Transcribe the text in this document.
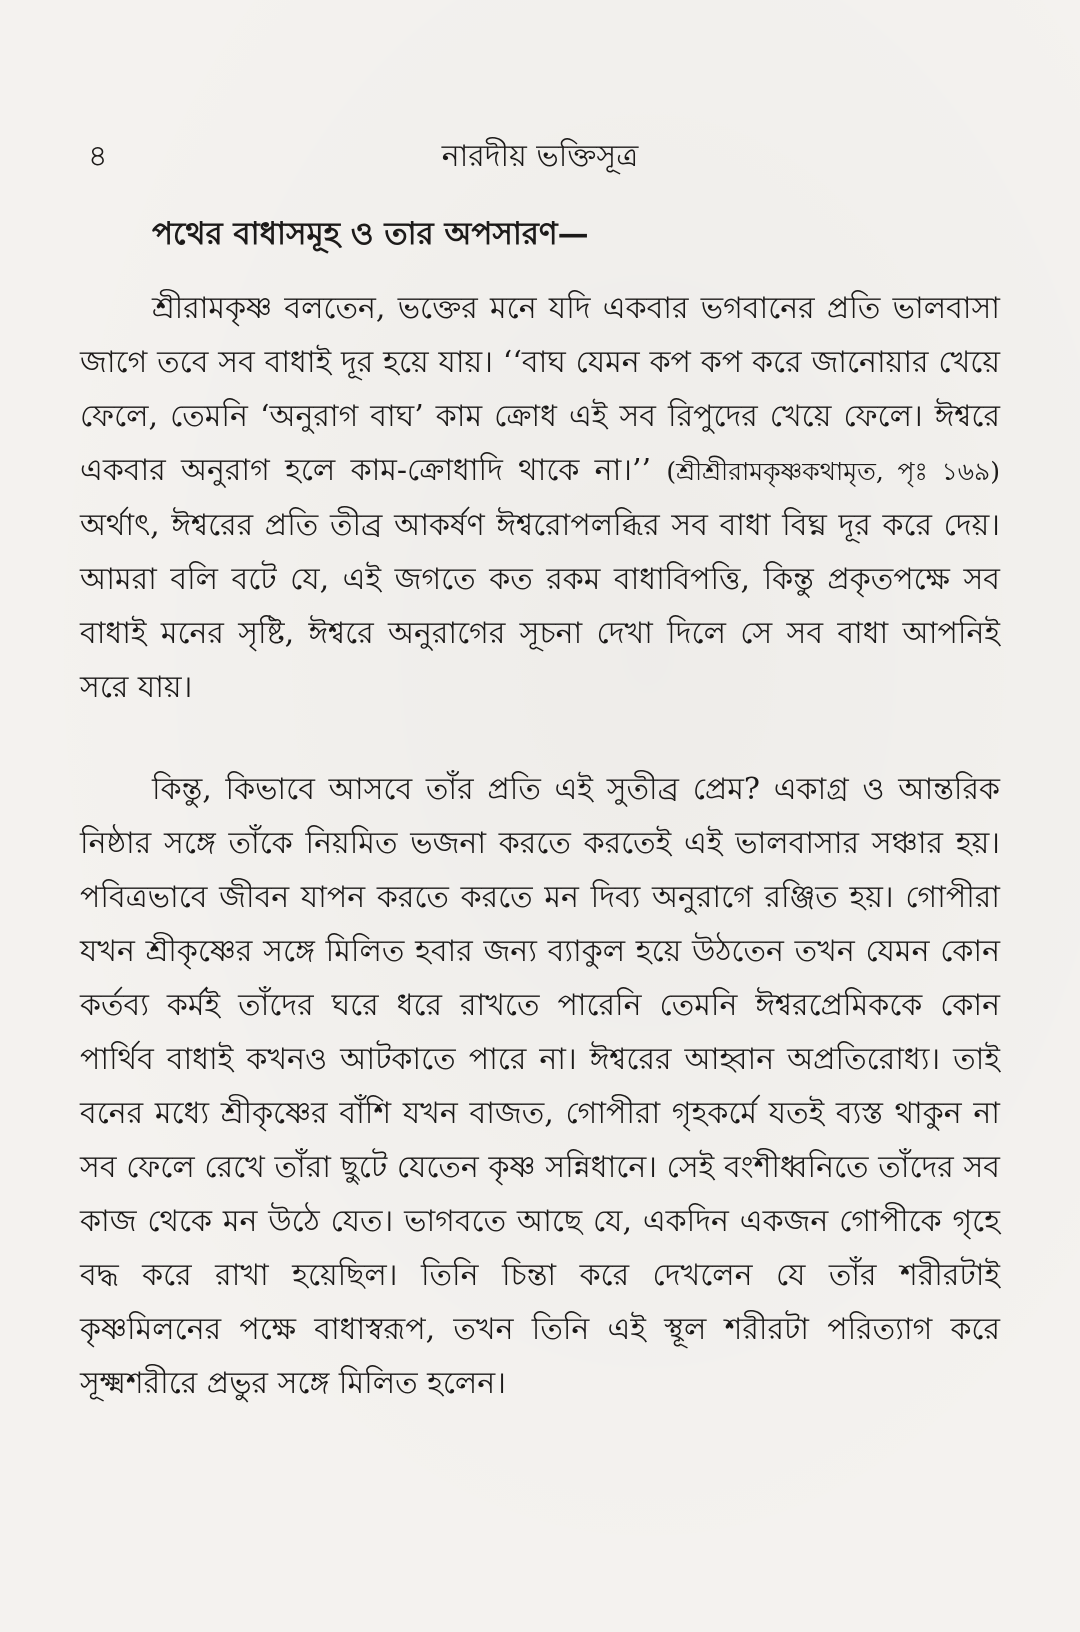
৪	নারদীয় ভক্তিসূত্র
পথের বাধাসমূহ ও তার অপসারণ—

শ্রীরামকৃষ্ণ বলতেন, ভক্তের মনে যদি একবার ভগবানের প্রতি ভালবাসা জাগে তবে সব বাধাই দূর হয়ে যায়। ‘‘বাঘ যেমন কপ কপ করে জানোয়ার খেয়ে ফেলে, তেমনি ‘অনুরাগ বাঘ’ কাম ক্রোধ এই সব রিপুদের খেয়ে ফেলে। ঈশ্বরে একবার অনুরাগ হলে কাম-ক্রোধাদি থাকে না।’’ (শ্রীশ্রীরামকৃষ্ণকথামৃত, পৃঃ ১৬৯) অর্থাৎ, ঈশ্বরের প্রতি তীব্র আকর্ষণ ঈশ্বরোপলব্ধির সব বাধা বিঘ্ন দূর করে দেয়। আমরা বলি বটে যে, এই জগতে কত রকম বাধাবিপত্তি, কিন্তু প্রকৃতপক্ষে সব বাধাই মনের সৃষ্টি, ঈশ্বরে অনুরাগের সূচনা দেখা দিলে সে সব বাধা আপনিই সরে যায়।

কিন্তু, কিভাবে আসবে তাঁর প্রতি এই সুতীব্র প্রেম? একাগ্র ও আন্তরিক নিষ্ঠার সঙ্গে তাঁকে নিয়মিত ভজনা করতে করতেই এই ভালবাসার সঞ্চার হয়। পবিত্রভাবে জীবন যাপন করতে করতে মন দিব্য অনুরাগে রঞ্জিত হয়। গোপীরা যখন শ্রীকৃষ্ণের সঙ্গে মিলিত হবার জন্য ব্যাকুল হয়ে উঠতেন তখন যেমন কোন কর্তব্য কর্মই তাঁদের ঘরে ধরে রাখতে পারেনি তেমনি ঈশ্বরপ্রেমিককে কোন পার্থিব বাধাই কখনও আটকাতে পারে না। ঈশ্বরের আহ্বান অপ্রতিরোধ্য। তাই বনের মধ্যে শ্রীকৃষ্ণের বাঁশি যখন বাজত, গোপীরা গৃহকর্মে যতই ব্যস্ত থাকুন না সব ফেলে রেখে তাঁরা ছুটে যেতেন কৃষ্ণ সন্নিধানে। সেই বংশীধ্বনিতে তাঁদের সব কাজ থেকে মন উঠে যেত। ভাগবতে আছে যে, একদিন একজন গোপীকে গৃহে বদ্ধ করে রাখা হয়েছিল। তিনি চিন্তা করে দেখলেন যে তাঁর শরীরটাই কৃষ্ণমিলনের পক্ষে বাধাস্বরূপ, তখন তিনি এই স্থূল শরীরটা পরিত্যাগ করে সূক্ষ্মশরীরে প্রভুর সঙ্গে মিলিত হলেন।
